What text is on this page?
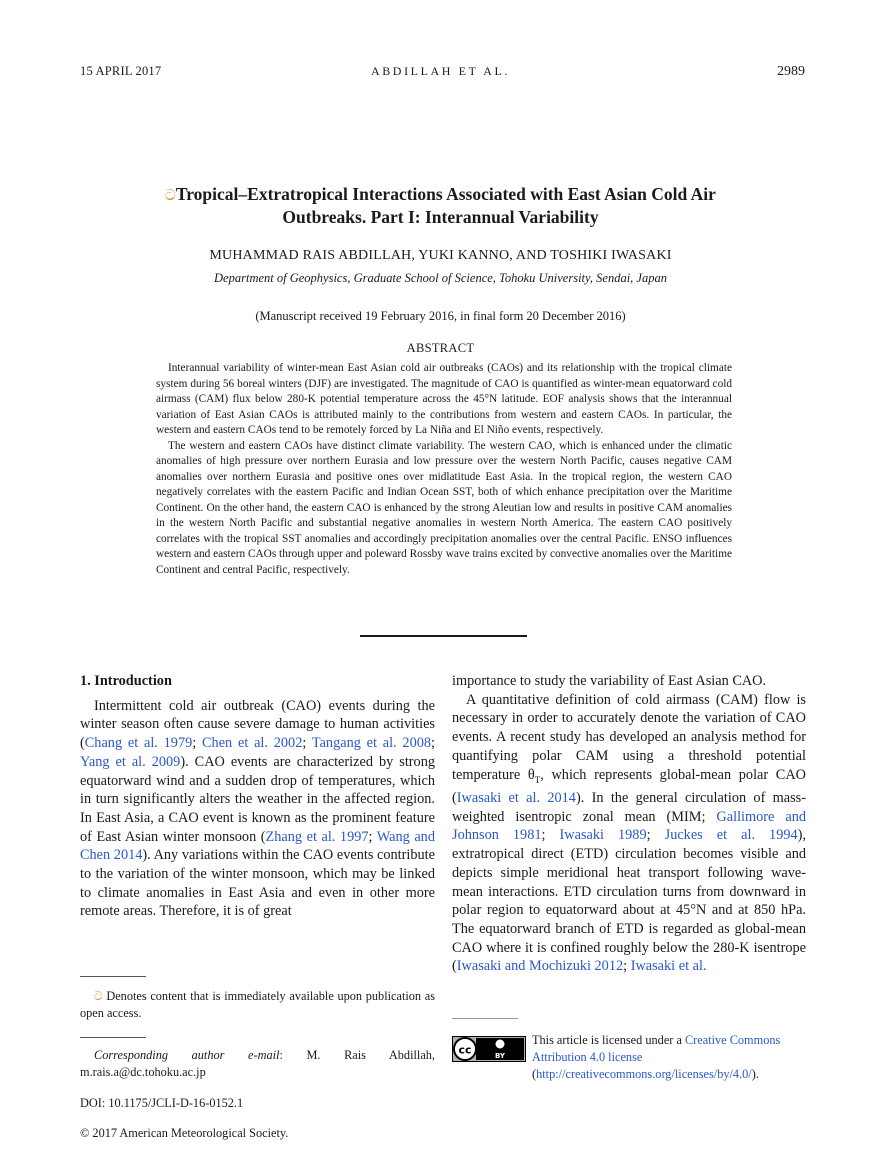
15 APRIL 2017	ABDILLAH ET AL.	2989
ටTropical–Extratropical Interactions Associated with East Asian Cold Air
Outbreaks. Part I: Interannual Variability
MUHAMMAD RAIS ABDILLAH, YUKI KANNO, AND TOSHIKI IWASAKI
Department of Geophysics, Graduate School of Science, Tohoku University, Sendai, Japan
(Manuscript received 19 February 2016, in final form 20 December 2016)
ABSTRACT

Interannual variability of winter-mean East Asian cold air outbreaks (CAOs) and its relationship with the tropical climate system during 56 boreal winters (DJF) are investigated. The magnitude of CAO is quantified as winter-mean equatorward cold airmass (CAM) flux below 280-K potential temperature across the 45°N latitude. EOF analysis shows that the interannual variation of East Asian CAOs is attributed mainly to the contributions from western and eastern CAOs. In particular, the western and eastern CAOs tend to be remotely forced by La Niña and El Niño events, respectively.

The western and eastern CAOs have distinct climate variability. The western CAO, which is enhanced under the climatic anomalies of high pressure over northern Eurasia and low pressure over the western North Pacific, causes negative CAM anomalies over northern Eurasia and positive ones over midlatitude East Asia. In the tropical region, the western CAO negatively correlates with the eastern Pacific and Indian Ocean SST, both of which enhance precipitation over the Maritime Continent. On the other hand, the eastern CAO is enhanced by the strong Aleutian low and results in positive CAM anomalies in the western North Pacific and substantial negative anomalies in western North America. The eastern CAO positively correlates with the tropical SST anomalies and accordingly precipitation anomalies over the central Pacific. ENSO influences western and eastern CAOs through upper and poleward Rossby wave trains excited by convective anomalies over the Maritime Continent and central Pacific, respectively.

1. Introduction

Intermittent cold air outbreak (CAO) events during the winter season often cause severe damage to human activities (Chang et al. 1979; Chen et al. 2002; Tangang et al. 2008; Yang et al. 2009). CAO events are characterized by strong equatorward wind and a sudden drop of temperatures, which in turn significantly alters the weather in the affected region. In East Asia, a CAO event is known as the prominent feature of East Asian winter monsoon (Zhang et al. 1997; Wang and Chen 2014). Any variations within the CAO events contribute to the variation of the winter monsoon, which may be linked to climate anomalies in East Asia and even in other more remote areas. Therefore, it is of great

importance to study the variability of East Asian CAO.

A quantitative definition of cold airmass (CAM) flow is necessary in order to accurately denote the variation of CAO events. A recent study has developed an analysis method for quantifying polar CAM using a threshold potential temperature $\theta_T$, which represents global-mean polar CAO (Iwasaki et al. 2014). In the general circulation of mass-weighted isentropic zonal mean (MIM; Gallimore and Johnson 1981; Iwasaki 1989; Juckes et al. 1994), extratropical direct (ETD) circulation becomes visible and depicts simple meridional heat transport following wave-mean interactions. ETD circulation turns from downward in polar region to equatorward about at 45°N and at 850 hPa. The equatorward branch of ETD is regarded as global-mean CAO where it is confined roughly below the 280-K isentrope (Iwasaki and Mochizuki 2012; Iwasaki et al.

ට Denotes content that is immediately available upon publication as open access.
Corresponding author e-mail: M. Rais Abdillah, m.rais.a@dc.tohoku.ac.jp
DOI: 10.1175/JCLI-D-16-0152.1
© 2017 American Meteorological Society.
cc	BY
This article is licensed under a Creative Commons Attribution 4.0 license (http://creativecommons.org/licenses/by/4.0/).
